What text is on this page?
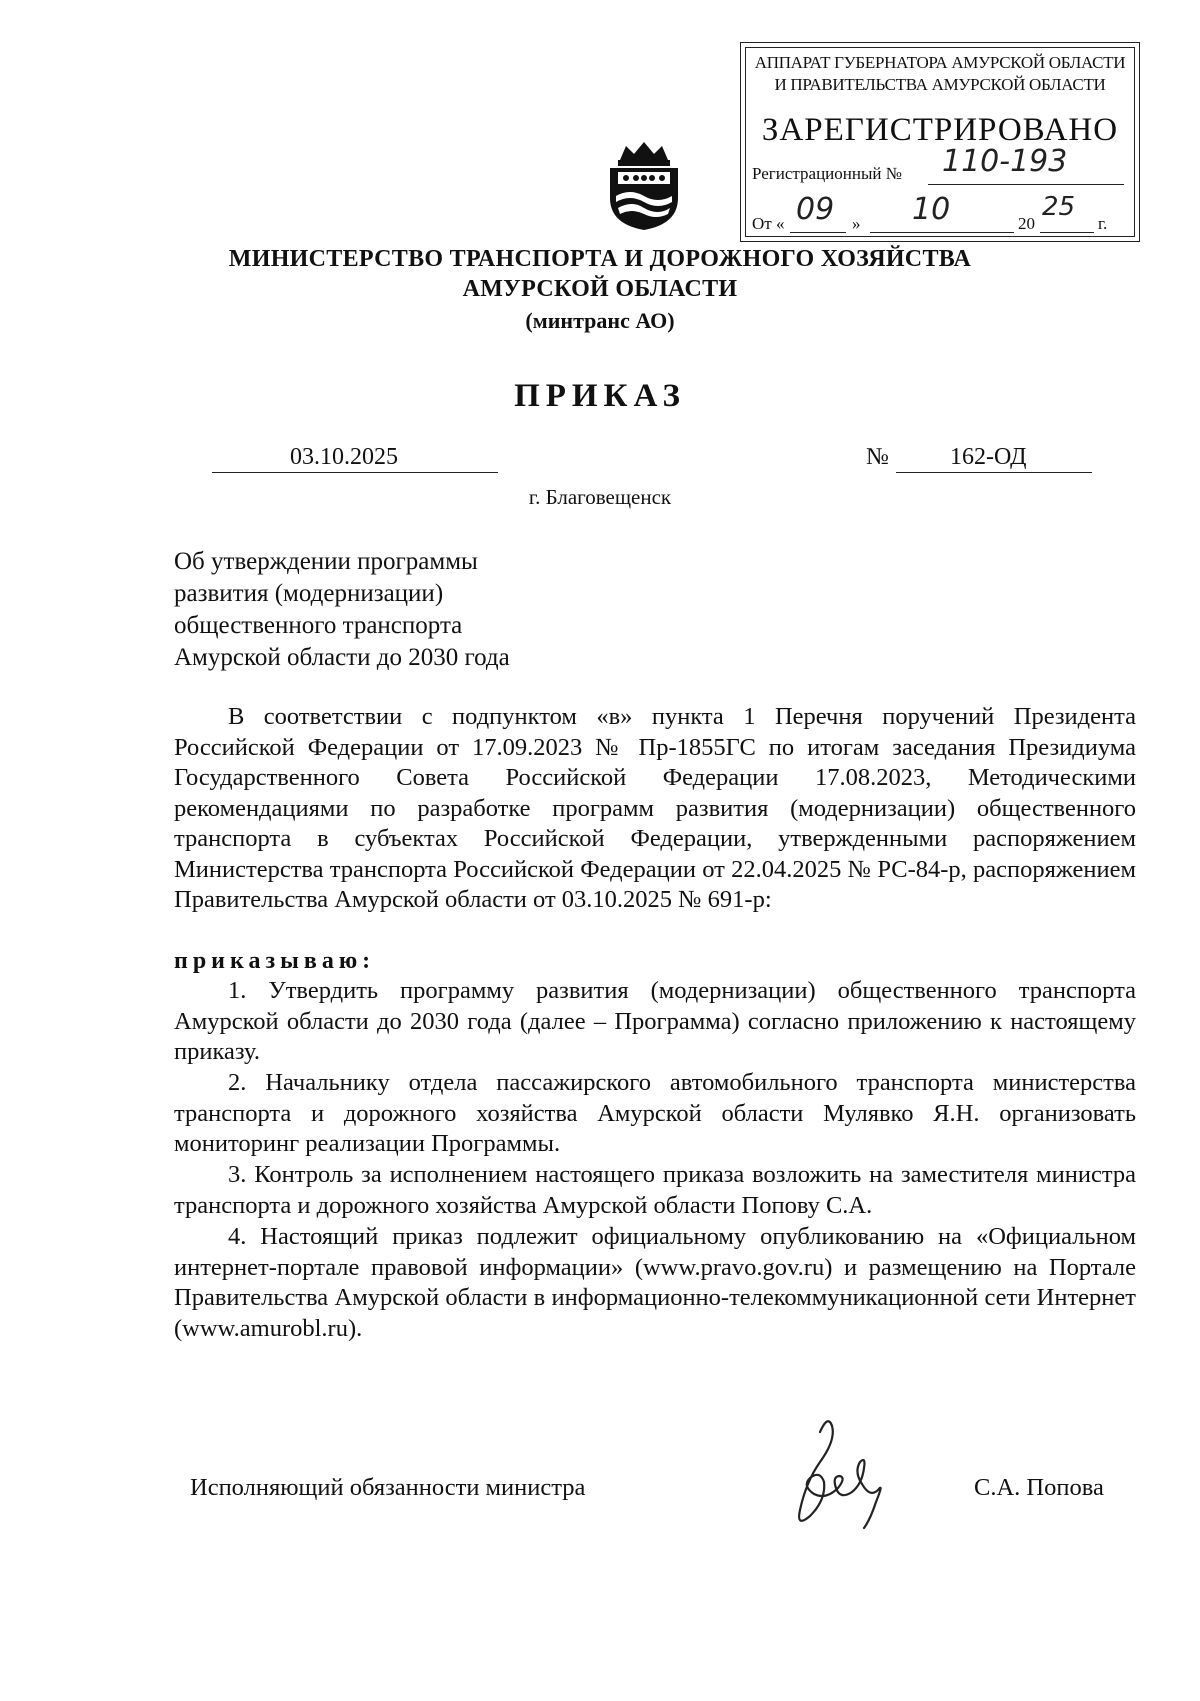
АППАРАТ ГУБЕРНАТОРА АМУРСКОЙ ОБЛАСТИ
И ПРАВИТЕЛЬСТВА АМУРСКОЙ ОБЛАСТИ
ЗАРЕГИСТРИРОВАНО
Регистрационный № 110-193
От « 09 » 10	20
25
г.
МИНИСТЕРСТВО ТРАНСПОРТА И ДОРОЖНОГО ХОЗЯЙСТВА
АМУРСКОЙ ОБЛАСТИ
(минтранс АО)
ПРИКАЗ
03.10.2025	№	162-ОД
г. Благовещенск
Об утверждении программы
развития (модернизации)
общественного транспорта
Амурской области до 2030 года
В соответствии с подпунктом «в» пункта 1 Перечня поручений Президента Российской Федерации от 17.09.2023 № Пр-1855ГС по итогам заседания Президиума Государственного Совета Российской Федерации 17.08.2023, Методическими рекомендациями по разработке программ развития (модернизации) общественного транспорта в субъектах Российской Федерации, утвержденными распоряжением Министерства транспорта Российской Федерации от 22.04.2025 № РС-84-р, распоряжением Правительства Амурской области от 03.10.2025 № 691-р:
приказываю:
1. Утвердить программу развития (модернизации) общественного транспорта Амурской области до 2030 года (далее – Программа) согласно приложению к настоящему приказу.
2. Начальнику отдела пассажирского автомобильного транспорта министерства транспорта и дорожного хозяйства Амурской области Мулявко Я.Н. организовать мониторинг реализации Программы.
3. Контроль за исполнением настоящего приказа возложить на заместителя министра транспорта и дорожного хозяйства Амурской области Попову С.А.
4. Настоящий приказ подлежит официальному опубликованию на «Официальном интернет-портале правовой информации» (www.pravo.gov.ru) и размещению на Портале Правительства Амурской области в информационно-телекоммуникационной сети Интернет (www.amurobl.ru).
Исполняющий обязанности министра	С.А. Попова
